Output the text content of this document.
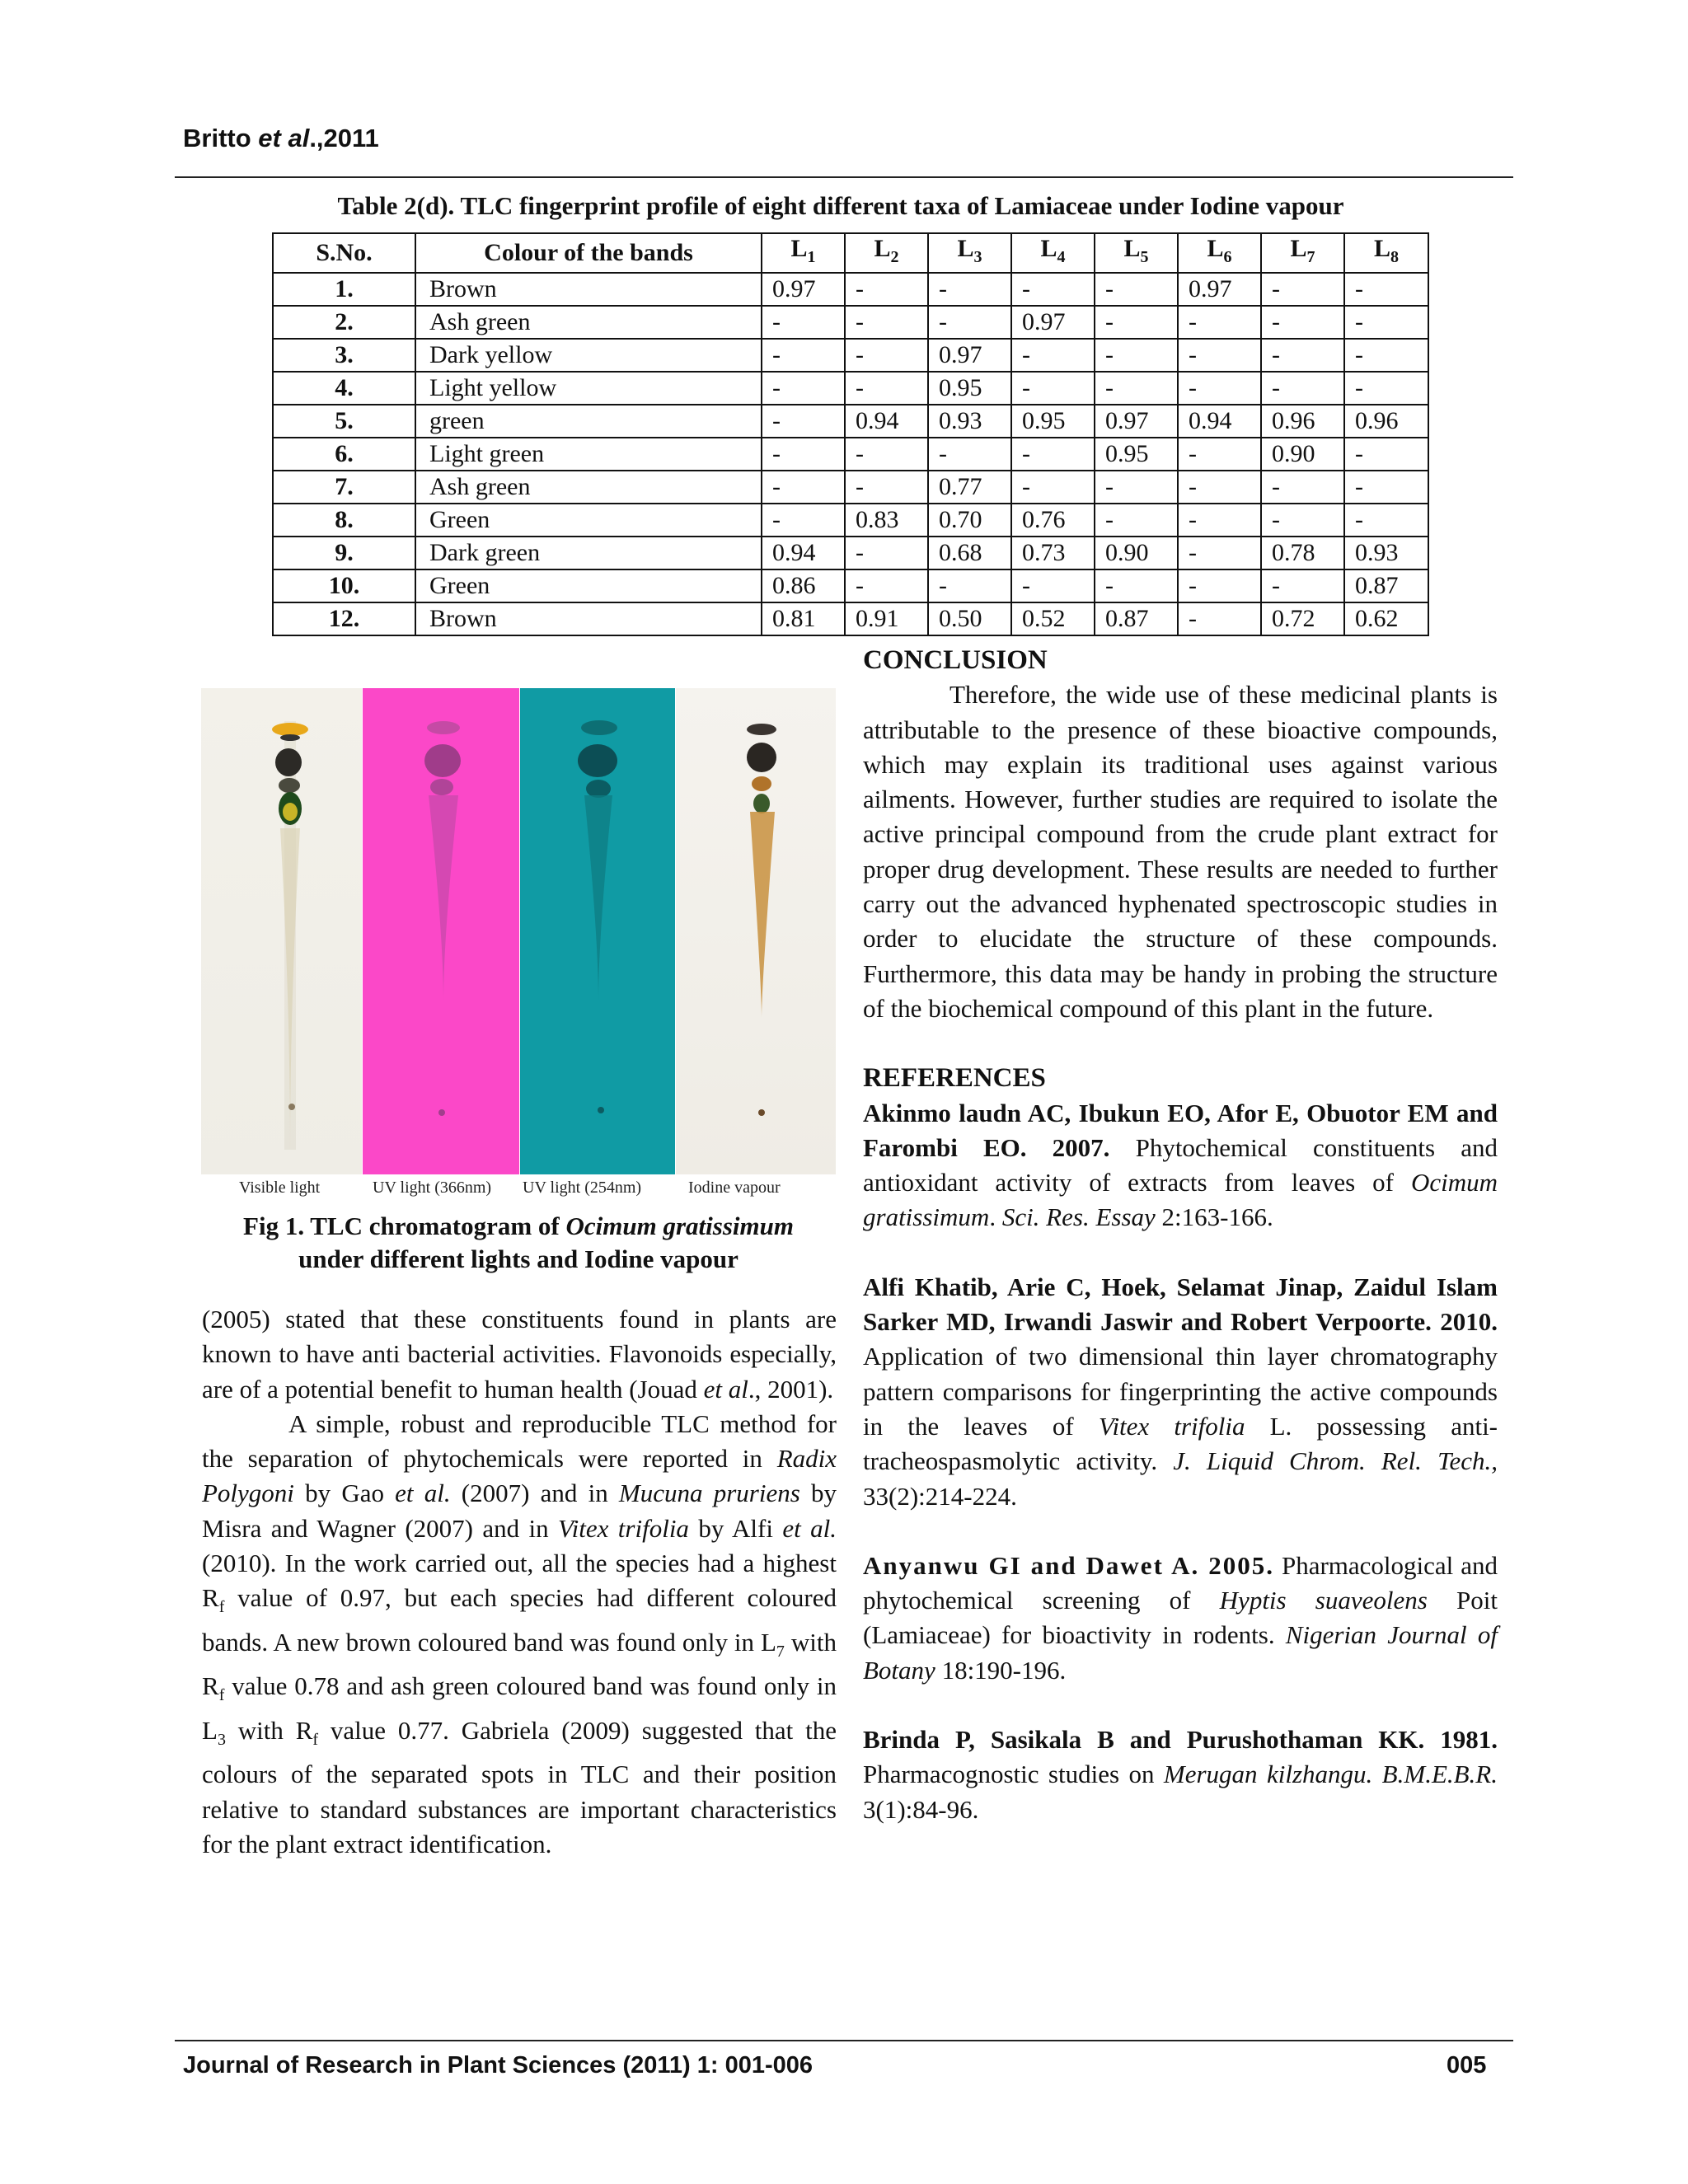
Britto et al.,2011
Table 2(d). TLC fingerprint profile of eight different taxa of Lamiaceae under Iodine vapour
S.No.	Colour of the bands	$L_1$	$L_2$	$L_3$	$L_4$	$L_5$	$L_6$	$L_7$	$L_8$
1.	Brown	0.97	-	-	-	-	0.97	-	-
2.	Ash green	-	-	-	0.97	-	-	-	-
3.	Dark yellow	-	-	0.97	-	-	-	-	-
4.	Light yellow	-	-	0.95	-	-	-	-	-
5.	green	-	0.94	0.93	0.95	0.97	0.94	0.96	0.96
6.	Light green	-	-	-	-	0.95	-	0.90	-
7.	Ash green	-	-	0.77	-	-	-	-	-
8.	Green	-	0.83	0.70	0.76	-	-	-	-
9.	Dark green	0.94	-	0.68	0.73	0.90	-	0.78	0.93
10.	Green	0.86	-	-	-	-	-	-	0.87
12.	Brown	0.81	0.91	0.50	0.52	0.87	-	0.72	0.62
Visible light	UV light (366nm) UV light (254nm)	Iodine vapour
Fig 1. TLC chromatogram of Ocimum gratissimum
under different lights and Iodine vapour

(2005) stated that these constituents found in plants are known to have anti bacterial activities. Flavonoids especially, are of a potential benefit to human health (Jouad et al., 2001).

A simple, robust and reproducible TLC method for the separation of phytochemicals were reported in Radix Polygoni by Gao et al. (2007) and in Mucuna pruriens by Misra and Wagner (2007) and in Vitex trifolia by Alfi et al. (2010). In the work carried out, all the species had a highest $R_f$ value of 0.97, but each species had different coloured bands. A new brown coloured band was found only in $L_7$ with $R_f$ value 0.78 and ash green coloured band was found only in $L_3$ with $R_f$ value 0.77. Gabriela (2009) suggested that the colours of the separated spots in TLC and their position relative to standard substances are important characteristics for the plant extract identification.

CONCLUSION

Therefore, the wide use of these medicinal plants is attributable to the presence of these bioactive compounds, which may explain its traditional uses against various ailments. However, further studies are required to isolate the active principal compound from the crude plant extract for proper drug development. These results are needed to further carry out the advanced hyphenated spectroscopic studies in order to elucidate the structure of these compounds. Furthermore, this data may be handy in probing the structure of the biochemical compound of this plant in the future.

REFERENCES

Akinmo laudn AC, Ibukun EO, Afor E, Obuotor EM and Farombi EO. 2007. Phytochemical constituents and antioxidant activity of extracts from leaves of Ocimum gratissimum. Sci. Res. Essay 2:163-166.

Alfi Khatib, Arie C, Hoek, Selamat Jinap, Zaidul Islam Sarker MD, Irwandi Jaswir and Robert Verpoorte. 2010. Application of two dimensional thin layer chromatography pattern comparisons for fingerprinting the active compounds in the leaves of Vitex trifolia L. possessing anti-tracheospasmolytic activity. J. Liquid Chrom. Rel. Tech., 33(2):214-224.

Anyanwu GI and Dawet A. 2005. Pharmacological and phytochemical screening of Hyptis suaveolens Poit (Lamiaceae) for bioactivity in rodents. Nigerian Journal of Botany 18:190-196.

Brinda P, Sasikala B and Purushothaman KK. 1981. Pharmacognostic studies on Merugan kilzhangu. B.M.E.B.R. 3(1):84-96.

Journal of Research in Plant Sciences (2011) 1: 001-006	005
